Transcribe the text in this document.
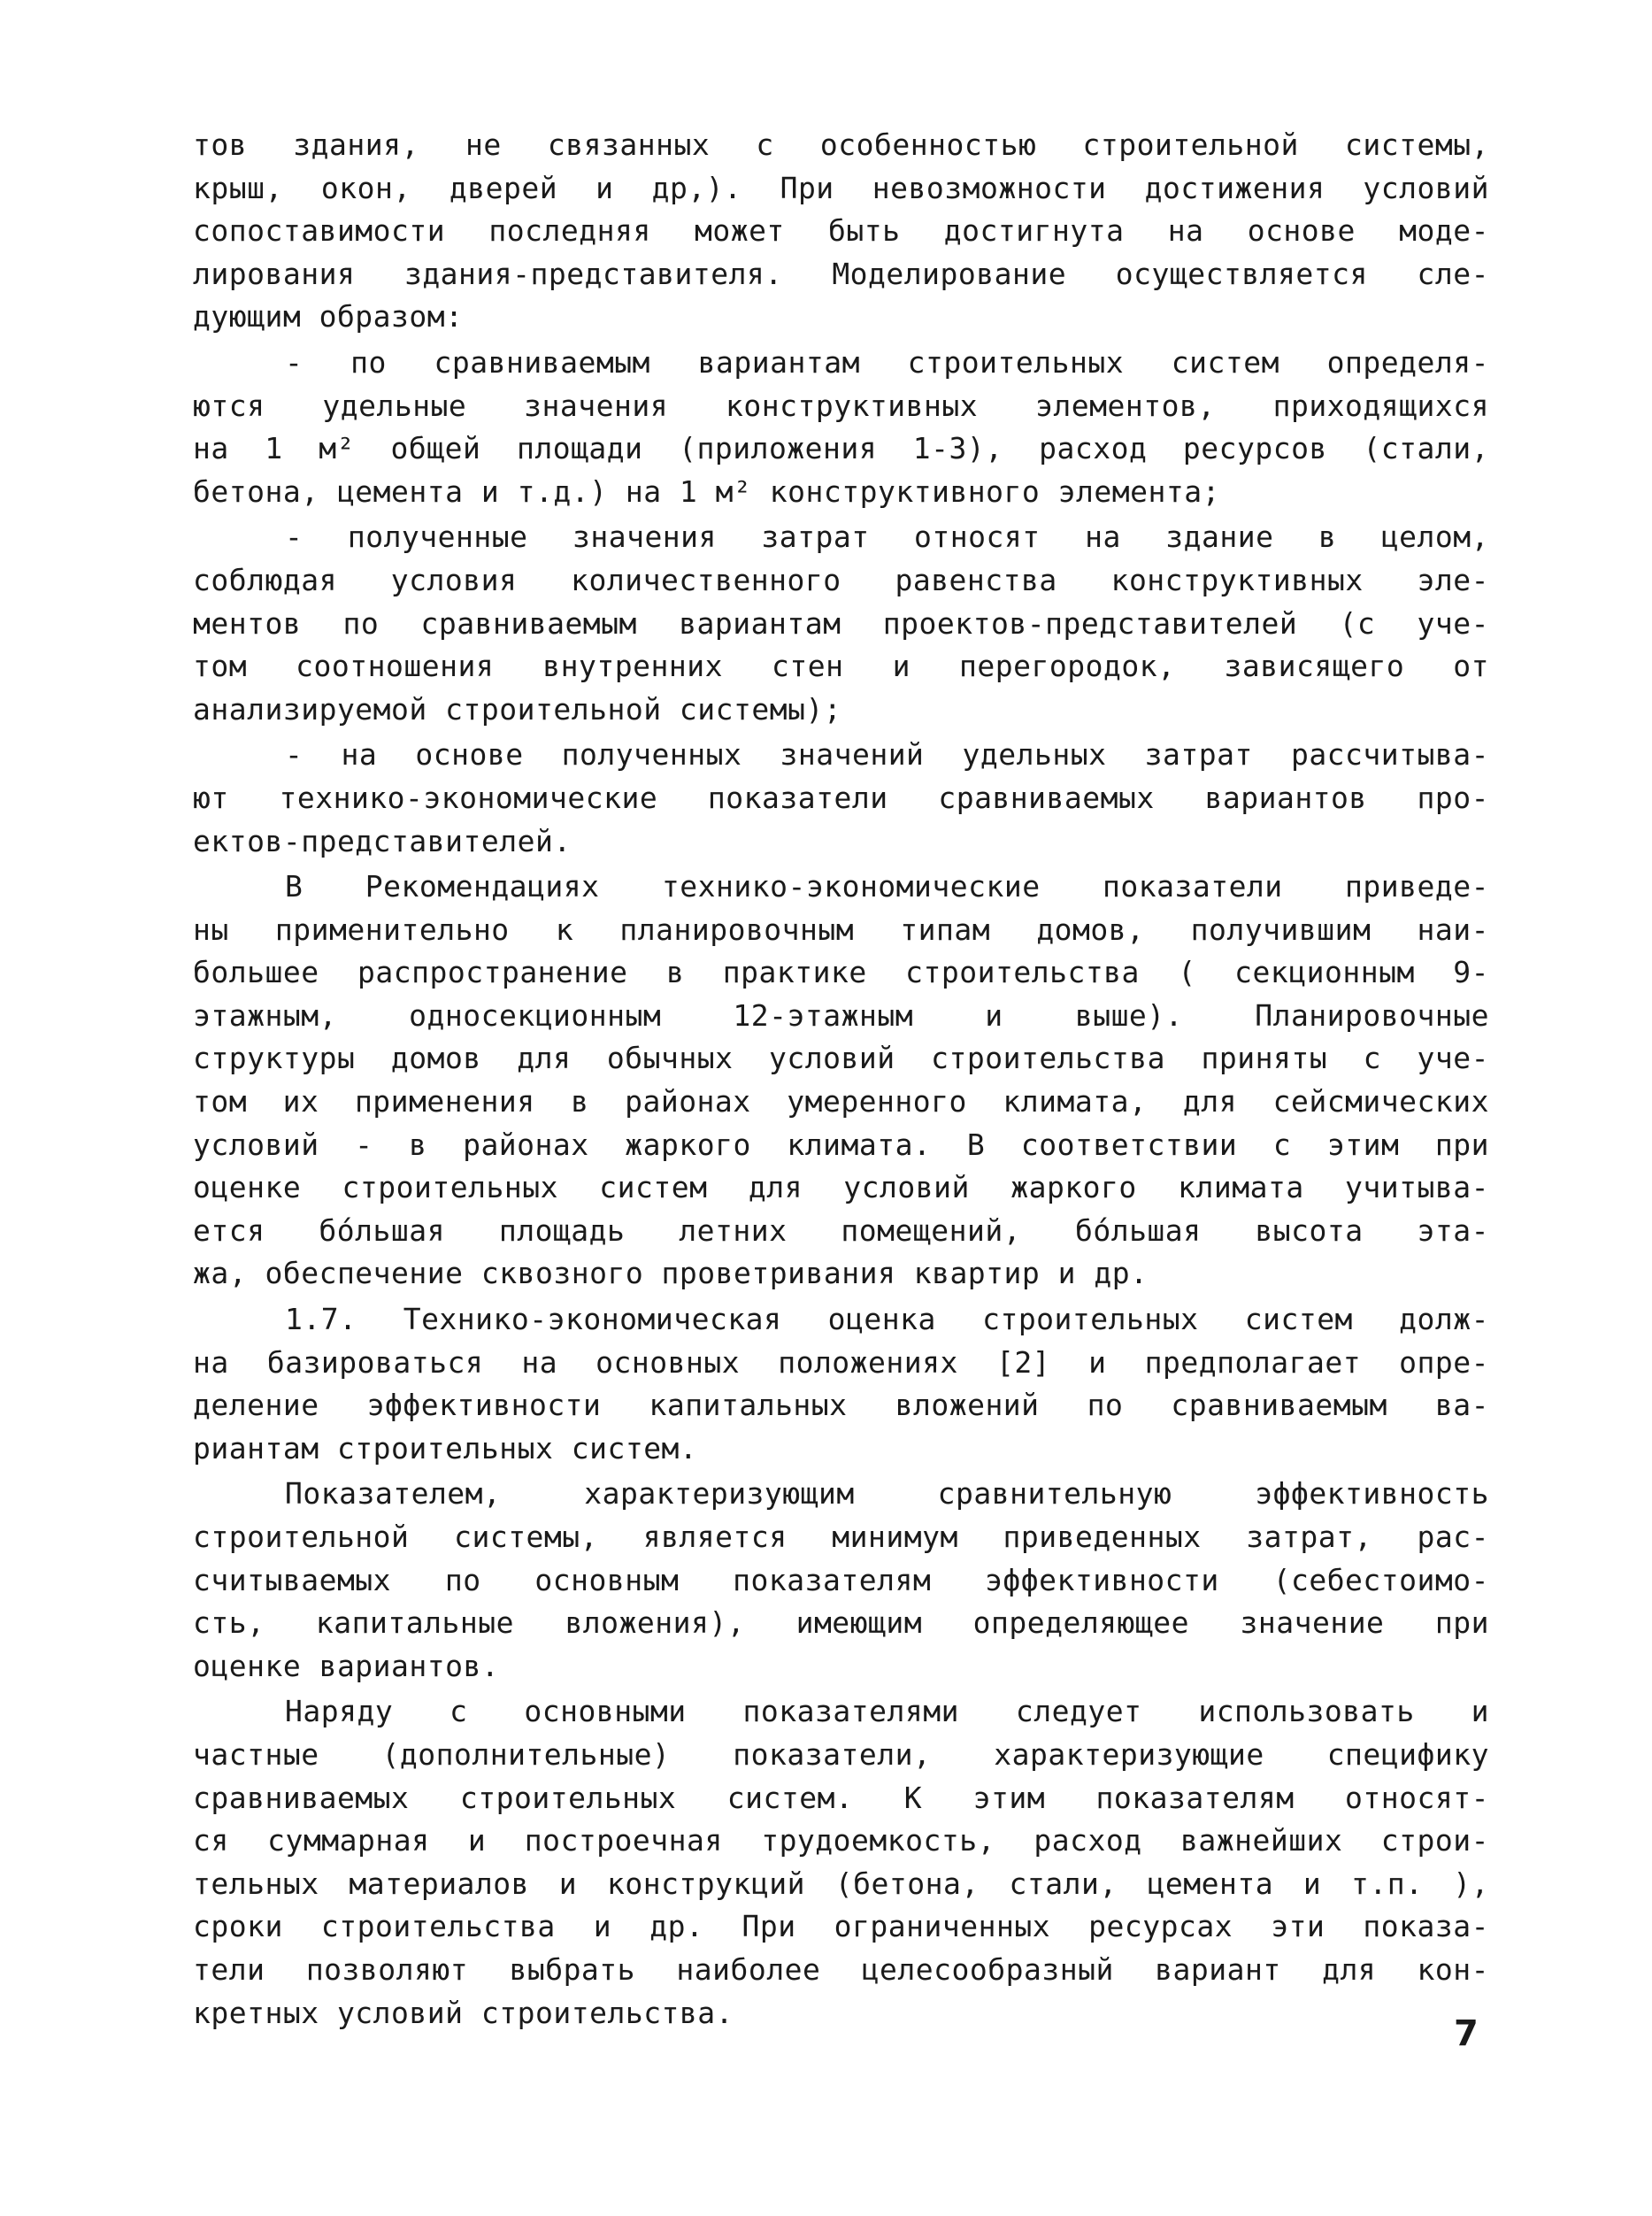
тов здания, не связанных с особенностью строительной системы,
крыш, окон, дверей и др,). При невозможности достижения условий
сопоставимости последняя может быть достигнута на основе моде-
лирования здания-представителя. Моделирование осуществляется сле-
дующим образом:
- по сравниваемым вариантам строительных систем определя-
ются удельные значения конструктивных элементов, приходящихся
на 1 м² общей площади (приложения 1-3), расход ресурсов (стали,
бетона, цемента и т.д.) на 1 м² конструктивного элемента;
- полученные значения затрат относят на здание в целом,
соблюдая условия количественного равенства конструктивных эле-
ментов по сравниваемым вариантам проектов-представителей (с уче-
том соотношения внутренних стен и перегородок, зависящего от
анализируемой строительной системы);
- на основе полученных значений удельных затрат рассчитыва-
ют технико-экономические показатели сравниваемых вариантов про-
ектов-представителей.
В Рекомендациях технико-экономические показатели приведе-
ны применительно к планировочным типам домов, получившим наи-
большее распространение в практике строительства ( секционным 9-
этажным, односекционным 12-этажным и выше). Планировочные
структуры домов для обычных условий строительства приняты с уче-
том их применения в районах умеренного климата, для сейсмических
условий - в районах жаркого климата. В соответствии с этим при
оценке строительных систем для условий жаркого климата учитыва-
ется бóльшая площадь летних помещений, бóльшая высота эта-
жа, обеспечение сквозного проветривания квартир и др.
1.7. Технико-экономическая оценка строительных систем долж-
на базироваться на основных положениях [2] и предполагает опре-
деление эффективности капитальных вложений по сравниваемым ва-
риантам строительных систем.
Показателем, характеризующим сравнительную эффективность
строительной системы, является минимум приведенных затрат, рас-
считываемых по основным показателям эффективности (себестоимо-
сть, капитальные вложения), имеющим определяющее значение при
оценке вариантов.
Наряду с основными показателями следует использовать и
частные (дополнительные) показатели, характеризующие специфику
сравниваемых строительных систем. К этим показателям относят-
ся суммарная и построечная трудоемкость, расход важнейших строи-
тельных материалов и конструкций (бетона, стали, цемента и т.п. ),
сроки строительства и др. При ограниченных ресурсах эти показа-
тели позволяют выбрать наиболее целесообразный вариант для кон-
кретных условий строительства.
7
